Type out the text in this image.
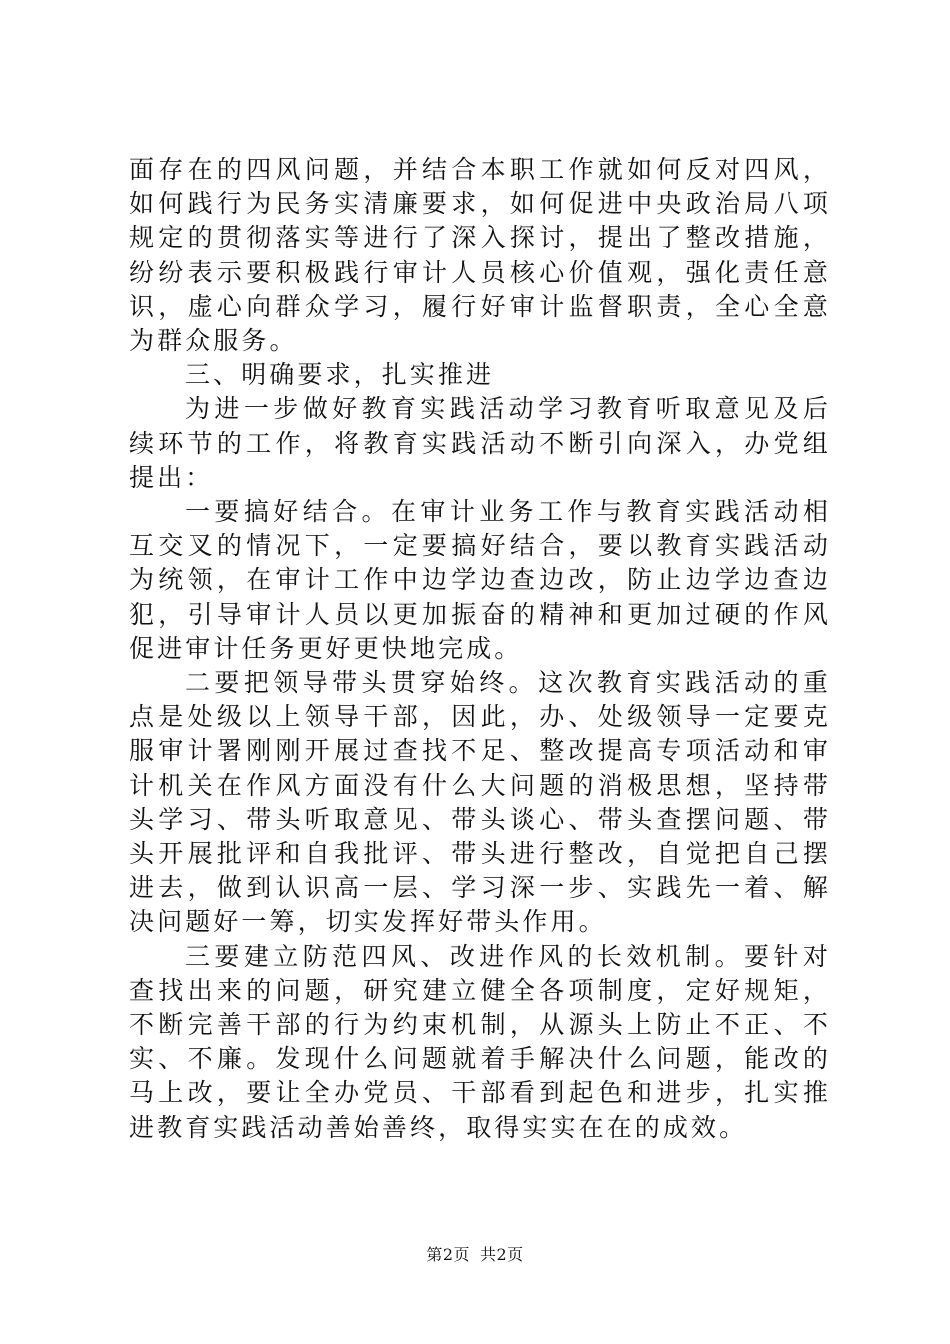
面存在的四风问题，并结合本职工作就如何反对四风，如何践行为民务实清廉要求，如何促进中央政治局八项规定的贯彻落实等进行了深入探讨，提出了整改措施，纷纷表示要积极践行审计人员核心价值观，强化责任意识，虚心向群众学习，履行好审计监督职责，全心全意为群众服务。

三、明确要求，扎实推进

为进一步做好教育实践活动学习教育听取意见及后续环节的工作，将教育实践活动不断引向深入，办党组提出：

一要搞好结合。在审计业务工作与教育实践活动相互交叉的情况下，一定要搞好结合，要以教育实践活动为统领，在审计工作中边学边查边改，防止边学边查边犯，引导审计人员以更加振奋的精神和更加过硬的作风促进审计任务更好更快地完成。

二要把领导带头贯穿始终。这次教育实践活动的重点是处级以上领导干部，因此，办、处级领导一定要克服审计署刚刚开展过查找不足、整改提高专项活动和审计机关在作风方面没有什么大问题的消极思想，坚持带头学习、带头听取意见、带头谈心、带头查摆问题、带头开展批评和自我批评、带头进行整改，自觉把自己摆进去，做到认识高一层、学习深一步、实践先一着、解决问题好一筹，切实发挥好带头作用。

三要建立防范四风、改进作风的长效机制。要针对查找出来的问题，研究建立健全各项制度，定好规矩，不断完善干部的行为约束机制，从源头上防止不正、不实、不廉。发现什么问题就着手解决什么问题，能改的马上改，要让全办党员、干部看到起色和进步，扎实推进教育实践活动善始善终，取得实实在在的成效。

第2页 共2页
